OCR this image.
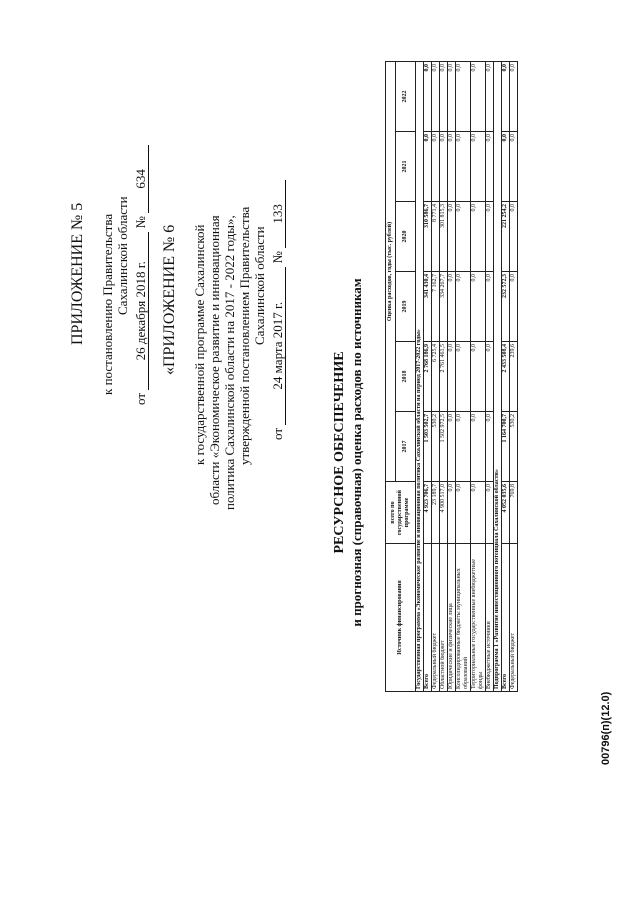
ПРИЛОЖЕНИЕ № 5 к постановлению Правительства Сахалинской области
от 26 декабря 2018 г. № 634
«ПРИЛОЖЕНИЕ № 6 к государственной программе Сахалинской области «Экономическое развитие и инновационная политика Сахалинской области на 2017 - 2022 годы», утвержденной постановлением Правительства Сахалинской области
от 24 марта 2017 г. № 133
РЕСУРСНОЕ ОБЕСПЕЧЕНИЕ и прогнозная (справочная) оценка расходов по источникам	Источник финансирования	всего по государственной программе	Оценка расходов, годы (тыс. рублей)					
		2017	2018	2019	2020	2021	2022
Государственная программа «Экономическое развитие и инновационная политика Сахалинской области на период 2017-2022 годы»							
Всего	4 923 706,7	1 503 502,7	2 768 186,9	341 430,4	310 586,7	0,0	0,0
Федеральный бюджет	23 189,7	530,2	6 725,4	7 162,7	8 771,4	0,0	0,0
Областной бюджет	4 900 517,0	1 502 972,5	2 761 461,5	334 267,7	301 815,3	0,0	0,0
Юридические и физические лица	0,0	0,0	0,0	0,0	0,0	0,0	0,0
Консолидированные бюджеты муниципальных образований	0,0	0,0	0,0	0,0	0,0	0,0	0,0
Территориальные государственные внебюджетные фонды	0,0	0,0	0,0	0,0	0,0	0,0	0,0
Внебюджетные источники	0,0	0,0	0,0	0,0	0,0	0,0	0,0
Подпрограмма 1 «Развитие инвестиционного потенциала Сахалинской области»							
Всего	4 052 035,6	1 164 700,7	2 433 508,4	232 572,3	221 254,2	0,0	0,0
Федеральный бюджет	769,8	530,2	239,6	0,0	0,0	0,0	0,0
00796(п)(12.0)
